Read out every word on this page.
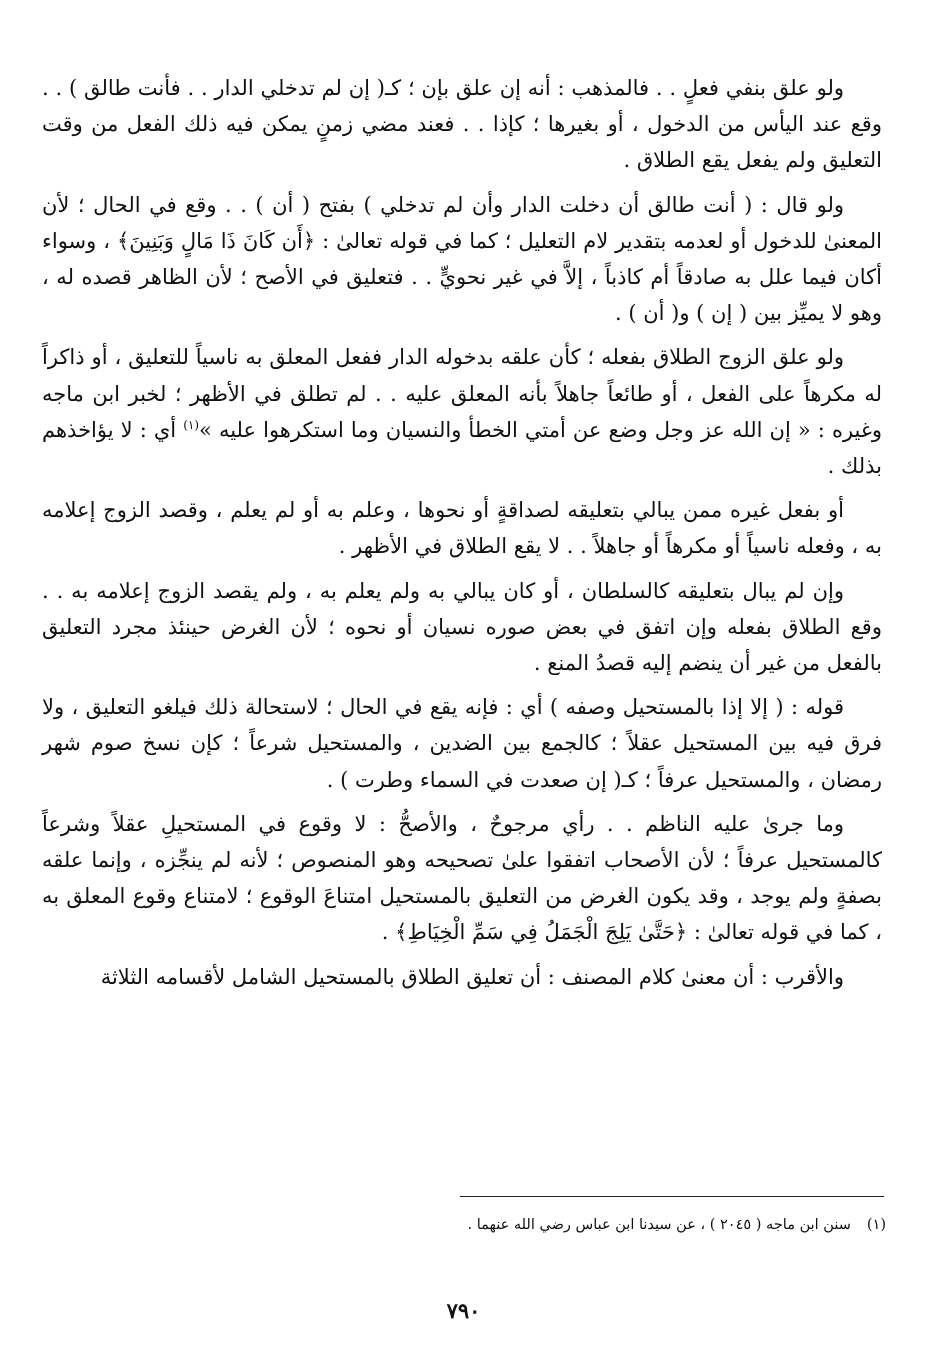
ولو علق بنفي فعلٍ . . فالمذهب : أنه إن علق بإن ؛ كـ( إن لم تدخلي الدار . . فأنت طالق ) . . وقع عند اليأس من الدخول ، أو بغيرها ؛ كإذا . . فعند مضي زمنٍ يمكن فيه ذلك الفعل من وقت التعليق ولم يفعل يقع الطلاق .

ولو قال : ( أنت طالق أن دخلت الدار وأن لم تدخلي ) بفتح ( أن ) . . وقع في الحال ؛ لأن المعنىٰ للدخول أو لعدمه بتقدير لام التعليل ؛ كما في قوله تعالىٰ : ﴿أَن كَانَ ذَا مَالٍ وَبَنِينَ﴾ ، وسواء أكان فيما علل به صادقاً أم كاذباً ، إلاَّ في غير نحويٍّ . . فتعليق في الأصح ؛ لأن الظاهر قصده له ، وهو لا يميِّز بين ( إن ) و( أن ) .

ولو علق الزوج الطلاق بفعله ؛ كأن علقه بدخوله الدار ففعل المعلق به ناسياً للتعليق ، أو ذاكراً له مكرهاً على الفعل ، أو طائعاً جاهلاً بأنه المعلق عليه . . لم تطلق في الأظهر ؛ لخبر ابن ماجه وغيره : « إن الله عز وجل وضع عن أمتي الخطأ والنسيان وما استكرهوا عليه »$^{(١)}$ أي : لا يؤاخذهم بذلك .

أو بفعل غيره ممن يبالي بتعليقه لصداقةٍ أو نحوها ، وعلم به أو لم يعلم ، وقصد الزوج إعلامه به ، وفعله ناسياً أو مكرهاً أو جاهلاً . . لا يقع الطلاق في الأظهر .

وإن لم يبال بتعليقه كالسلطان ، أو كان يبالي به ولم يعلم به ، ولم يقصد الزوج إعلامه به . . وقع الطلاق بفعله وإن اتفق في بعض صوره نسيان أو نحوه ؛ لأن الغرض حينئذ مجرد التعليق بالفعل من غير أن ينضم إليه قصدُ المنع .

قوله : ( إلا إذا بالمستحيل وصفه ) أي : فإنه يقع في الحال ؛ لاستحالة ذلك فيلغو التعليق ، ولا فرق فيه بين المستحيل عقلاً ؛ كالجمع بين الضدين ، والمستحيل شرعاً ؛ كإن نسخ صوم شهر رمضان ، والمستحيل عرفاً ؛ كـ( إن صعدت في السماء وطرت ) .

وما جرىٰ عليه الناظم . . رأي مرجوحٌ ، والأصحُّ : لا وقوع في المستحيلِ عقلاً وشرعاً كالمستحيل عرفاً ؛ لأن الأصحاب اتفقوا علىٰ تصحيحه وهو المنصوص ؛ لأنه لم ينجِّزه ، وإنما علقه بصفةٍ ولم يوجد ، وقد يكون الغرض من التعليق بالمستحيل امتناعَ الوقوع ؛ لامتناع وقوع المعلق به ، كما في قوله تعالىٰ : ﴿حَتَّىٰ يَلِجَ الْجَمَلُ فِي سَمِّ الْخِيَاطِ﴾ .

والأقرب : أن معنىٰ كلام المصنف : أن تعليق الطلاق بالمستحيل الشامل لأقسامه الثلاثة

(١)سنن ابن ماجه ( ٢٠٤٥ ) ، عن سيدنا ابن عباس رضي الله عنهما .
٧٩٠
